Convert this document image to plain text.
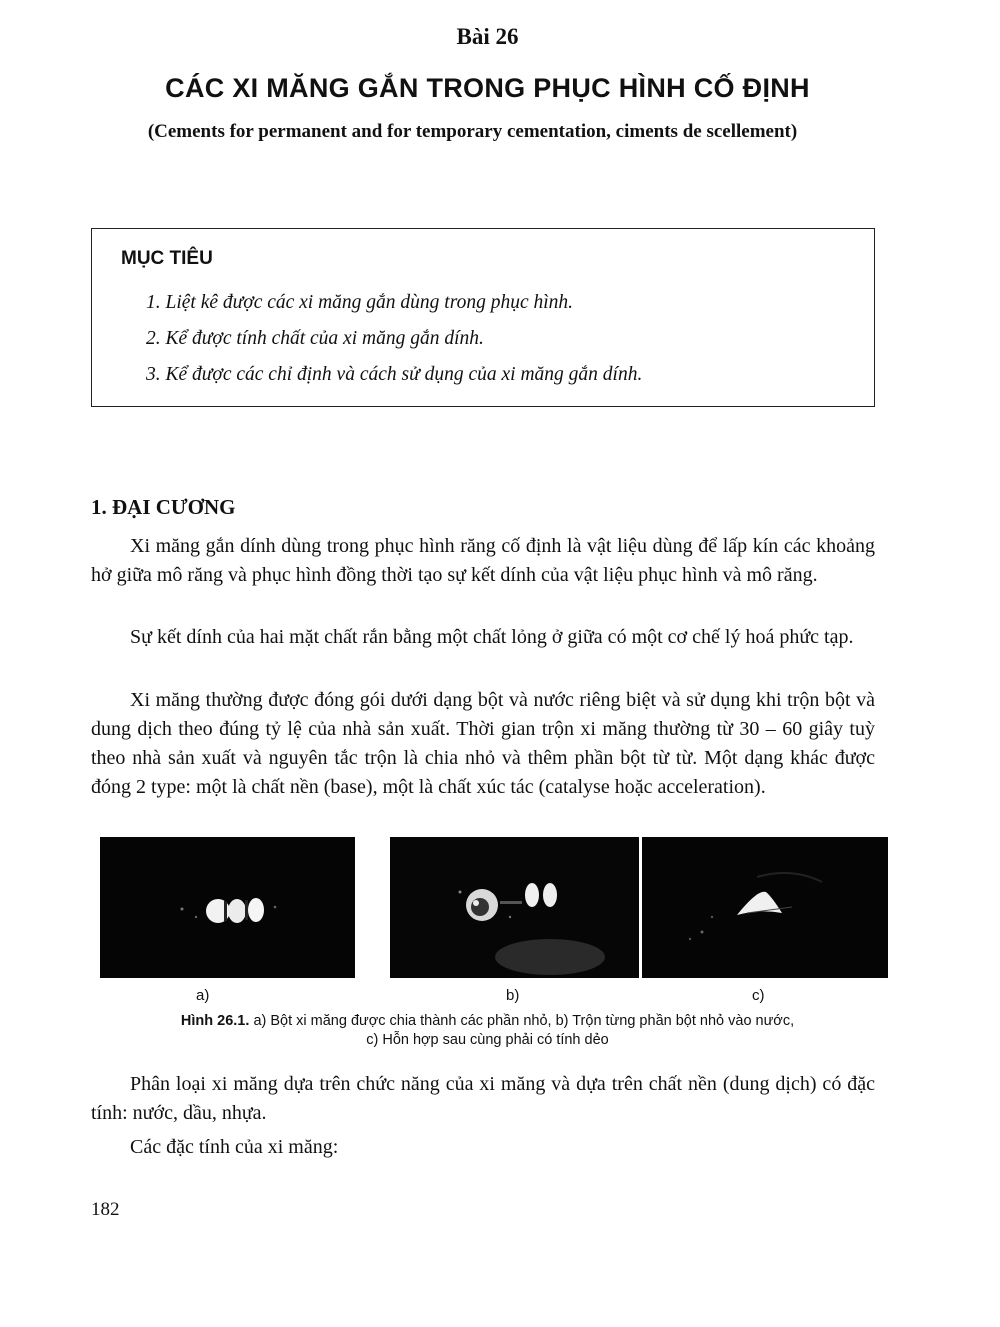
Bài 26
CÁC XI MĂNG GẮN TRONG PHỤC HÌNH CỐ ĐỊNH
(Cements for permanent and for temporary cementation, ciments de scellement)
MỤC TIÊU
1. Liệt kê được các xi măng gắn dùng trong phục hình.
2. Kể được tính chất của xi măng gắn dính.
3. Kể được các chỉ định và cách sử dụng của xi măng gắn dính.
1. ĐẠI CƯƠNG

Xi măng gắn dính dùng trong phục hình răng cố định là vật liệu dùng để lấp kín các khoảng hở giữa mô răng và phục hình đồng thời tạo sự kết dính của vật liệu phục hình và mô răng.

Sự kết dính của hai mặt chất rắn bằng một chất lỏng ở giữa có một cơ chế lý hoá phức tạp.

Xi măng thường được đóng gói dưới dạng bột và nước riêng biệt và sử dụng khi trộn bột và dung dịch theo đúng tỷ lệ của nhà sản xuất. Thời gian trộn xi măng thường từ 30 – 60 giây tuỳ theo nhà sản xuất và nguyên tắc trộn là chia nhỏ và thêm phần bột từ từ. Một dạng khác được đóng 2 type: một là chất nền (base), một là chất xúc tác (catalyse hoặc acceleration).

a)	b)	c)
Hình 26.1. a) Bột xi măng được chia thành các phần nhỏ, b) Trộn từng phần bột nhỏ vào nước,
c) Hỗn hợp sau cùng phải có tính dẻo

Phân loại xi măng dựa trên chức năng của xi măng và dựa trên chất nền (dung dịch) có đặc tính: nước, dầu, nhựa.

Các đặc tính của xi măng:

182
